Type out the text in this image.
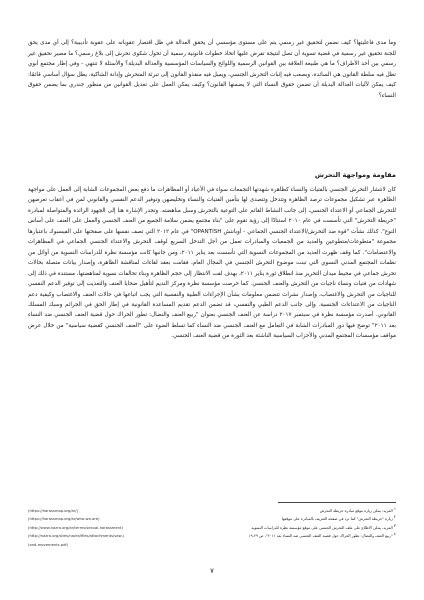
وما مدى فاعليتها؟ كيف نضمن لتحقيق غير رسمي يتم على مستوى مؤسسي أن يحقق العدالة في ظل اقتصار عقوباته على عقوبة تأديبية؟ إلى أي مدى يحق للجنة تحقيق غير رسمية في قضية تسوية أن تصل لنتيجة تفرض عليها اتخاذ خطوات قانونية رسمية أن تحول شكوى تحرش إلى بلاغ رسمي؟ ما مصير تحقيق غير رسمي بين أحد الأطراف؟ ما هي طبيعة العلاقة بين القوانين الرسمية واللوائح والسياسات المؤسسية والعدالة البديلة؟ والأسئلة لا تنتهي - وفي إطار مجتمع أبوي تظل فيه سلطة القانون هي السائدة، وبصعب فيه إثبات التحرش الجنسي، ويميل فيه منفذو القانون إلى تبرئة المتحرش وإدانة الشاكية، يظل سؤال أساسي قائمًا: كيف يمكن لآليات العدالة البديلة أن تضمن حقوق النساء التي لا يضمنها القانون؟ وكيف يمكن العمل على تعديل القوانين من منظور جندري بما يضمن حقوق النساء؟

مقاومة ومواجهة التحرش

كان لانتشار التحرش الجنسي بالفتيات والنساء كظاهرة شهدتها التجمعات سواء في الأعياد أو المظاهرات ما دفع بعض المجموعات الشابة إلى العمل على مواجهة الظاهرة عبر تشكيل مجموعات ترصد الظاهرة وتتدخل وتتصدى لها بتأمين الفتيات والنساء وتخليصهن وتوفير الدعم النفسي والقانوني لمن في أعقاب تعرضهن للتحرش الجماعي أو الاعتداء الجنسي، إلى جانب النشاط القائم على التوعية بالتحرش وسبل مناهضته. وتجدر الإشارة هنا إلى الجهود الرائدة والمتواصلة لمبادرة "خريطة التحرش" التي تأسست في عام ٢٠١٠ استنادًا إلى رؤية تقوم على "بناء مجتمع يضمن سلامة الجميع من العنف الجنسي والعمل على العنف على أساس النوع". كذلك نشأت "قوة ضد التحرش/الاعتداء الجنسي الجماعي - أوبانتش OPANTISH" في عام ٢٠١٢ التي تصف نفسها على صفحتها على الفيسبوك باعتبارها مجموعة "متطوعات/متطوعين والعديد من الجمعيات والمبادرات تعمل من أجل التدخل السريع لوقف التحرش والاعتداء الجنسي الجماعي في المظاهرات والاعتصامات". كما وقف ظهرت العديد من المجموعات النسوية التي تأسست بعد يناير ٢٠١١، ومن جانبها كانت مؤسسة نظرة للدراسات النسوية من أوائل من نظمات المجتمع المدني النسوي التي تبنت موضوع التحرش الجنسي في المجال العام، فقامت بعقد لقاءات لمناقشة الظاهرة، وإصدار بيانات متصلة بحالات تحرش جماعي في محيط ميدان التحرير منذ انطلاق ثورة يناير ٢٠١١، بهدف لفت الانتظار إلى حجم الظاهرة وبناء تحالفات نسوية لمناهضتها، مستندة في ذلك إلى شهادات من فتيات ونساء ناجيات من التحرش والعنف الجنسي. كما حرصت مؤسسة نظرة ومركز النديم لتأهيل ضحايا العنف والتعذيب إلى توفير الدعم النفسي للناجيات من التحرش والاغتصاب، وإصدار نشرات تتضمن معلومات بشأن الإجراءات الطبية والنفسية التي يجب اتباعها في حالات العنف والاغتصاب وكيفية دعم الناجيات من الاعتداءات الجنسية. وإلى جانب الدعم الطبي والنفسي، قد تضمن الدعم تقديم المساعدة القانونية في إطار الحق في الجرائم وسبك المسلك القانوني. أصدرت مؤسسة نظرة في سبتمبر ٢٠١٧ دراسة عن العنف الجنسي بعنوان "ربيع العنف والنضال: تطور الحراك حول قضية العنف الجنسي ضد النساء بعد ٢٠١١" توضح فيها دور المبادرات الشابة في التعامل مع العنف الجنسي ضد النساء كما تسلط الضوء على "العنف الجنسي كقضية سياسية" من خلال عرض مواقف مؤسسات المجتمع المدني والأحزاب السياسية الناشئة بعد الثورة من قضية العنف الجنسي.

$^١$ المزيد: يمكن زيارة موقع مبادرة خريطة التحرش
(https://harassmap.org/ar/)
$^٢$ زيارة "خريطة التحرش" كما ترد في صفحة التعريف بالمبادرة على موقعها
(https://harassmap.org/ar/who-we-are)
$^٣$ المزيد، يمكن الاطلاع على ملف التحرش الجنسي على موقع مؤسسة نظرة للدراسات النسوية
(http://www.nazra.org/ar/terms/sexual-harassment)
$^٤$ "ربيع العنف والنضال: تطور الحراك حول قضية العنف الجنسي ضد النساء بعد ٢٠١١"، ص ٢٩-١٩
(http://nazra.org/sites/nazra/files/attachments/vaw-)
(and-movements.pdf)

٧
